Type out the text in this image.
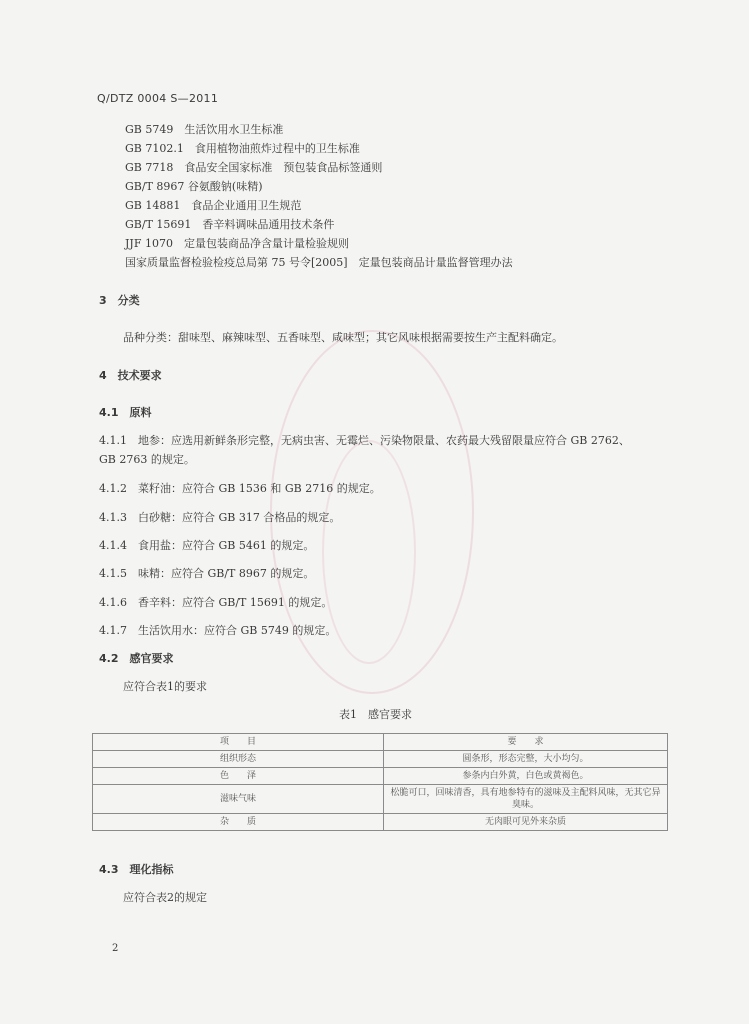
Q/DTZ 0004 S—2011
GB 5749　生活饮用水卫生标准
GB 7102.1　食用植物油煎炸过程中的卫生标准
GB 7718　食品安全国家标准　预包装食品标签通则
GB/T 8967 谷氨酸钠(味精)
GB 14881　食品企业通用卫生规范
GB/T 15691　香辛料调味品通用技术条件
JJF 1070　定量包装商品净含量计量检验规则
国家质量监督检验检疫总局第 75 号令[2005]　定量包装商品计量监督管理办法
3　分类
品种分类：甜味型、麻辣味型、五香味型、咸味型；其它风味根据需要按生产主配料确定。
4　技术要求
4.1　原料
4.1.1　地参：应选用新鲜条形完整，无病虫害、无霉烂、污染物限量、农药最大残留限量应符合 GB 2762、
GB 2763 的规定。
4.1.2　菜籽油：应符合 GB 1536 和 GB 2716 的规定。
4.1.3　白砂糖：应符合 GB 317 合格品的规定。
4.1.4　食用盐：应符合 GB 5461 的规定。
4.1.5　味精：应符合 GB/T 8967 的规定。
4.1.6　香辛料：应符合 GB/T 15691 的规定。
4.1.7　生活饮用水：应符合 GB 5749 的规定。
4.2　感官要求
应符合表1的要求
表1　感官要求
项　　目	要　　求
组织形态	圆条形，形态完整，大小均匀。
色　　泽	参条内白外黄，白色或黄褐色。
滋味气味	松脆可口，回味清香，具有地参特有的滋味及主配料风味，无其它异臭味。
杂　　质	无肉眼可见外来杂质
4.3　理化指标
应符合表2的规定
2
